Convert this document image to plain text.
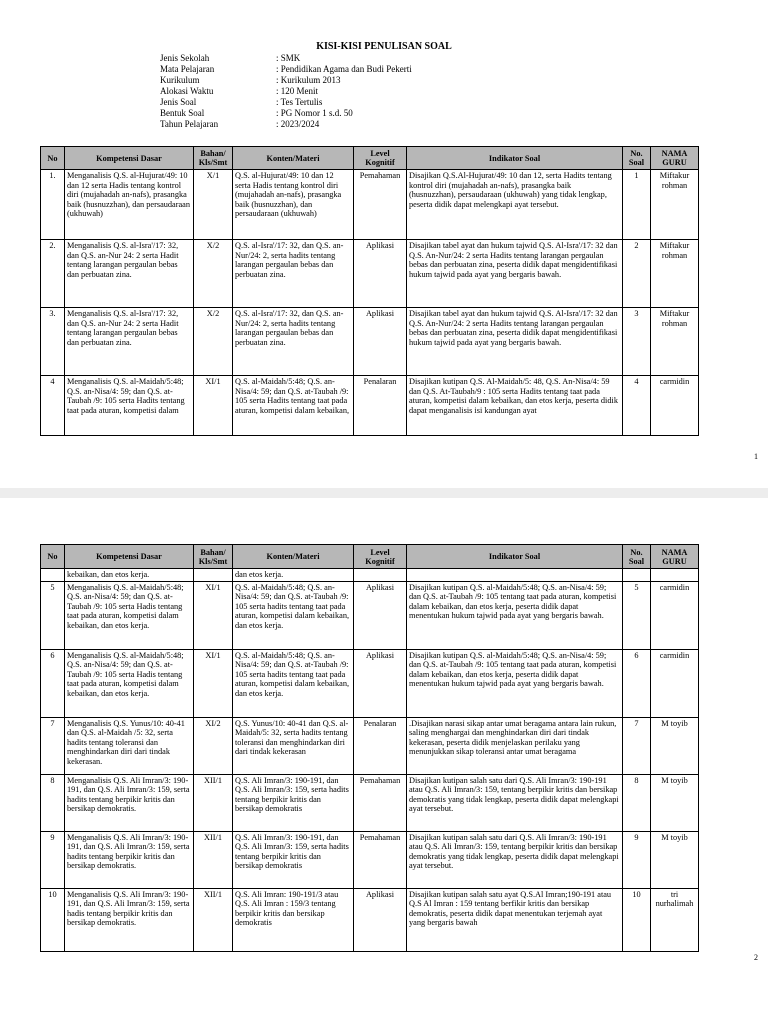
KISI-KISI PENULISAN SOAL
Jenis Sekolah	: SMK
Mata Pelajaran	: Pendidikan Agama dan Budi Pekerti
Kurikulum	: Kurikulum 2013
Alokasi Waktu	: 120 Menit
Jenis Soal	: Tes Tertulis
Bentuk Soal	: PG Nomor 1 s.d. 50
Tahun Pelajaran	: 2023/2024
No	Kompetensi Dasar	Bahan/ Kls/Smt	Konten/Materi	Level Kognitif	Indikator Soal	No. Soal	NAMA GURU
1.	Menganalisis Q.S. al-Hujurat/49: 10 dan 12 serta Hadis tentang kontrol diri (mujahadah an-nafs), prasangka baik (husnuzzhan), dan persaudaraan (ukhuwah)	X/1	Q.S. al-Hujurat/49: 10 dan 12 serta Hadis tentang kontrol diri (mujahadah an-nafs), prasangka baik (husnuzzhan), dan persaudaraan (ukhuwah)	Pemahaman	Disajikan Q.S.Al-Hujurat/49: 10 dan 12, serta Hadits tentang kontrol diri (mujahadah an-nafs), prasangka baik (husnuzzhan), persaudaraan (ukhuwah) yang tidak lengkap, peserta didik dapat melengkapi ayat tersebut.	1	Miftakur rohman
2.	Menganalisis Q.S. al-Isra'/17: 32, dan Q.S. an-Nur 24: 2 serta Hadit tentang larangan pergaulan bebas dan perbuatan zina.	X/2	Q.S. al-Isra'/17: 32, dan Q.S. an-Nur/24: 2, serta hadits tentang larangan pergaulan bebas dan perbuatan zina.	Aplikasi	Disajikan tabel ayat dan hukum tajwid Q.S. Al-Isra'/17: 32 dan Q.S. An-Nur/24: 2 serta Hadits tentang larangan pergaulan bebas dan perbuatan zina, peserta didik dapat mengidentifikasi hukum tajwid pada ayat yang bergaris bawah.	2	Miftakur rohman
3.	Menganalisis Q.S. al-Isra'/17: 32, dan Q.S. an-Nur 24: 2 serta Hadit tentang larangan pergaulan bebas dan perbuatan zina.	X/2	Q.S. al-Isra'/17: 32, dan Q.S. an-Nur/24: 2, serta hadits tentang larangan pergaulan bebas dan perbuatan zina.	Aplikasi	Disajikan tabel ayat dan hukum tajwid Q.S. Al-Isra'/17: 32 dan Q.S. An-Nur/24: 2 serta Hadits tentang larangan pergaulan bebas dan perbuatan zina, peserta didik dapat mengidentifikasi hukum tajwid pada ayat yang bergaris bawah.	3	Miftakur rohman
4	Menganalisis Q.S. al-Maidah/5:48; Q.S. an-Nisa/4: 59; dan Q.S. at-Taubah /9: 105 serta Hadits tentang taat pada aturan, kompetisi dalam	XI/1	Q.S. al-Maidah/5:48; Q.S. an-Nisa/4: 59; dan Q.S. at-Taubah /9: 105 serta Hadits tentang taat pada aturan, kompetisi dalam kebaikan,	Penalaran	Disajikan kutipan Q.S. Al-Maidah/5: 48, Q.S. An-Nisa/4: 59 dan Q.S. At-Taubah/9 : 105 serta Hadits tentang taat pada aturan, kompetisi dalam kebaikan, dan etos kerja, peserta didik dapat menganalisis isi kandungan ayat	4	carmidin
1
No	Kompetensi Dasar	Bahan/ Kls/Smt	Konten/Materi	Level Kognitif	Indikator Soal	No. Soal	NAMA GURU
	kebaikan, dan etos kerja.		dan etos kerja.				
5	Menganalisis Q.S. al-Maidah/5:48; Q.S. an-Nisa/4: 59; dan Q.S. at-Taubah /9: 105 serta Hadis tentang taat pada aturan, kompetisi dalam kebaikan, dan etos kerja.	XI/1	Q.S. al-Maidah/5:48; Q.S. an-Nisa/4: 59; dan Q.S. at-Taubah /9: 105 serta hadits tentang taat pada aturan, kompetisi dalam kebaikan, dan etos kerja.	Aplikasi	Disajikan kutipan Q.S. al-Maidah/5:48; Q.S. an-Nisa/4: 59; dan Q.S. at-Taubah /9: 105 tentang taat pada aturan, kompetisi dalam kebaikan, dan etos kerja, peserta didik dapat menentukan hukum tajwid pada ayat yang bergaris bawah.	5	carmidin
6	Menganalisis Q.S. al-Maidah/5:48; Q.S. an-Nisa/4: 59; dan Q.S. at-Taubah /9: 105 serta Hadis tentang taat pada aturan, kompetisi dalam kebaikan, dan etos kerja.	XI/1	Q.S. al-Maidah/5:48; Q.S. an-Nisa/4: 59; dan Q.S. at-Taubah /9: 105 serta hadits tentang taat pada aturan, kompetisi dalam kebaikan, dan etos kerja.	Aplikasi	Disajikan kutipan Q.S. al-Maidah/5:48; Q.S. an-Nisa/4: 59; dan Q.S. at-Taubah /9: 105 tentang taat pada aturan, kompetisi dalam kebaikan, dan etos kerja, peserta didik dapat menentukan hukum tajwid pada ayat yang bergaris bawah.	6	carmidin
7	Menganalisis Q.S. Yunus/10: 40-41 dan Q.S. al-Maidah /5: 32, serta hadits tentang toleransi dan menghindarkan diri dari tindak kekerasan.	XI/2	Q.S. Yunus/10: 40-41 dan Q.S. al-Maidah/5: 32, serta hadits tentang toleransi dan menghindarkan diri dari tindak kekerasan	Penalaran	.Disajikan narasi sikap antar umat beragama antara lain rukun, saling menghargai dan menghindarkan diri dari tindak kekerasan, peserta didik menjelaskan perilaku yang menunjukkan sikap toleransi antar umat beragama	7	M toyib
8	Menganalisis Q.S. Ali Imran/3: 190-191, dan Q.S. Ali Imran/3: 159, serta hadits tentang berpikir kritis dan bersikap demokratis.	XII/1	Q.S. Ali Imran/3: 190-191, dan Q.S. Ali Imran/3: 159, serta hadits tentang berpikir kritis dan bersikap demokratis	Pemahaman	Disajikan kutipan salah satu dari Q.S. Ali Imran/3: 190-191 atau Q.S. Ali Imran/3: 159, tentang berpikir kritis dan bersikap demokratis yang tidak lengkap, peserta didik dapat melengkapi ayat tersebut.	8	M toyib
9	Menganalisis Q.S. Ali Imran/3: 190-191, dan Q.S. Ali Imran/3: 159, serta hadits tentang berpikir kritis dan bersikap demokratis.	XII/1	Q.S. Ali Imran/3: 190-191, dan Q.S. Ali Imran/3: 159, serta hadits tentang berpikir kritis dan bersikap demokratis	Pemahaman	Disajikan kutipan salah satu dari Q.S. Ali Imran/3: 190-191 atau Q.S. Ali Imran/3: 159, tentang berpikir kritis dan bersikap demokratis yang tidak lengkap, peserta didik dapat melengkapi ayat tersebut.	9	M toyib
10	Menganalisis Q.S. Ali Imran/3: 190-191, dan Q.S. Ali Imran/3: 159, serta hadis tentang berpikir kritis dan bersikap demokratis.	XII/1	Q.S. Ali Imran: 190-191/3 atau Q.S. Ali Imran : 159/3 tentang berpikir kritis dan bersikap demokratis	Aplikasi	Disajikan kutipan salah satu ayat Q.S.Al Imran;190-191 atau Q.S Al Imran : 159 tentang berfikir kritis dan bersikap demokratis, peserta didik dapat menentukan terjemah ayat yang bergaris bawah	10	tri nurhalimah
2
